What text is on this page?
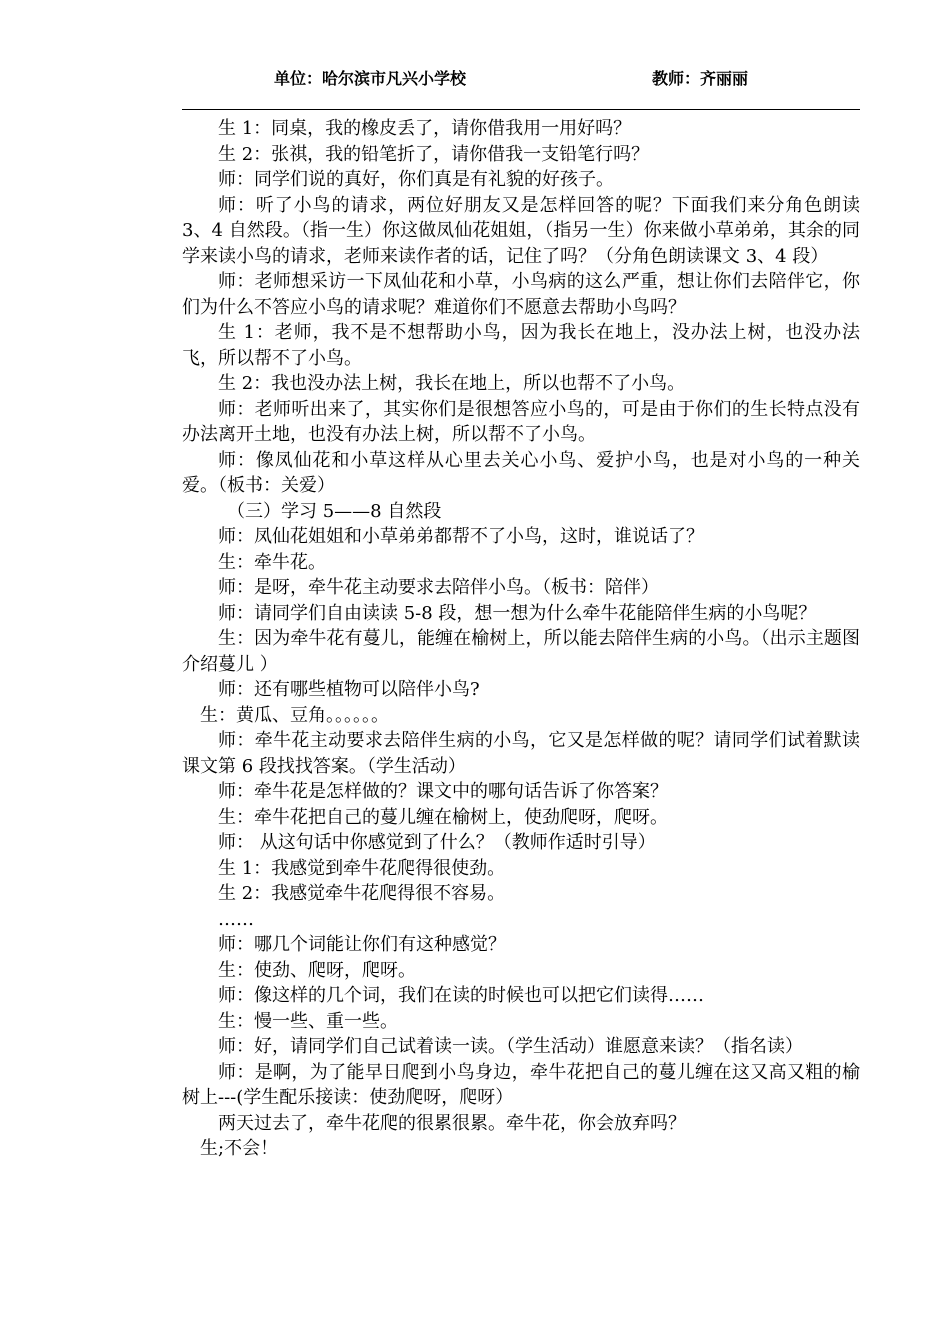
单位：哈尔滨市凡兴小学校	教师：齐丽丽

生 1：同桌，我的橡皮丢了，请你借我用一用好吗？

生 2：张祺，我的铅笔折了，请你借我一支铅笔行吗？

师：同学们说的真好，你们真是有礼貌的好孩子。

师：听了小鸟的请求，两位好朋友又是怎样回答的呢？下面我们来分角色朗读 3、4 自然段。（指一生）你这做凤仙花姐姐，（指另一生）你来做小草弟弟，其余的同学来读小鸟的请求，老师来读作者的话，记住了吗？（分角色朗读课文 3、4 段）

师：老师想采访一下凤仙花和小草，小鸟病的这么严重，想让你们去陪伴它，你们为什么不答应小鸟的请求呢？难道你们不愿意去帮助小鸟吗？

生 1：老师，我不是不想帮助小鸟，因为我长在地上，没办法上树，也没办法飞，所以帮不了小鸟。

生 2：我也没办法上树，我长在地上，所以也帮不了小鸟。

师：老师听出来了，其实你们是很想答应小鸟的，可是由于你们的生长特点没有办法离开土地，也没有办法上树，所以帮不了小鸟。

师：像凤仙花和小草这样从心里去关心小鸟、爱护小鸟，也是对小鸟的一种关爱。（板书：关爱）

（三）学习 5——8 自然段

师：凤仙花姐姐和小草弟弟都帮不了小鸟，这时，谁说话了？

生：牵牛花。

师：是呀，牵牛花主动要求去陪伴小鸟。（板书：陪伴）

师：请同学们自由读读 5-8 段，想一想为什么牵牛花能陪伴生病的小鸟呢？

生：因为牵牛花有蔓儿，能缠在榆树上，所以能去陪伴生病的小鸟。（出示主题图介绍蔓儿 ）

师：还有哪些植物可以陪伴小鸟?

生：黄瓜、豆角。。。。。。

师：牵牛花主动要求去陪伴生病的小鸟，它又是怎样做的呢？请同学们试着默读课文第 6 段找找答案。（学生活动）

师：牵牛花是怎样做的？课文中的哪句话告诉了你答案？

生：牵牛花把自己的蔓儿缠在榆树上，使劲爬呀，爬呀。

师： 从这句话中你感觉到了什么？（教师作适时引导）

生 1：我感觉到牵牛花爬得很使劲。

生 2：我感觉牵牛花爬得很不容易。

……

师：哪几个词能让你们有这种感觉？

生：使劲、爬呀，爬呀。

师：像这样的几个词，我们在读的时候也可以把它们读得……

生：慢一些、重一些。

师：好，请同学们自己试着读一读。（学生活动）谁愿意来读？（指名读）

师：是啊，为了能早日爬到小鸟身边，牵牛花把自己的蔓儿缠在这又高又粗的榆树上---(学生配乐接读：使劲爬呀，爬呀）

两天过去了，牵牛花爬的很累很累。牵牛花，你会放弃吗？

生;不会！
